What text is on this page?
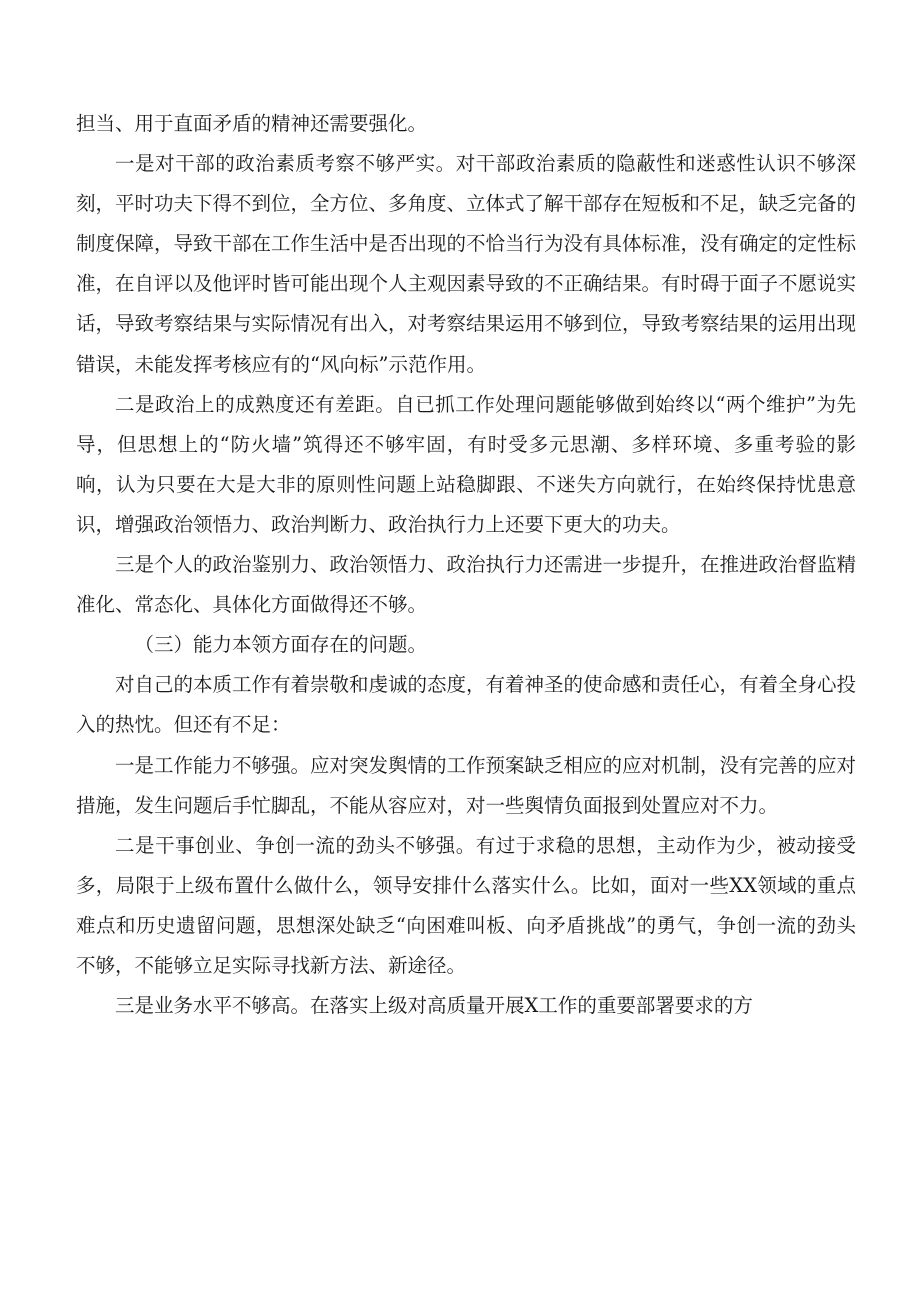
担当、用于直面矛盾的精神还需要强化。

一是对干部的政治素质考察不够严实。对干部政治素质的隐蔽性和迷惑性认识不够深刻，平时功夫下得不到位，全方位、多角度、立体式了解干部存在短板和不足，缺乏完备的制度保障，导致干部在工作生活中是否出现的不恰当行为没有具体标准，没有确定的定性标准，在自评以及他评时皆可能出现个人主观因素导致的不正确结果。有时碍于面子不愿说实话，导致考察结果与实际情况有出入，对考察结果运用不够到位，导致考察结果的运用出现错误，未能发挥考核应有的“风向标”示范作用。

二是政治上的成熟度还有差距。自已抓工作处理问题能够做到始终以“两个维护”为先导，但思想上的“防火墙”筑得还不够牢固，有时受多元思潮、多样环境、多重考验的影响，认为只要在大是大非的原则性问题上站稳脚跟、不迷失方向就行，在始终保持忧患意识，增强政治领悟力、政治判断力、政治执行力上还要下更大的功夫。

三是个人的政治鉴别力、政治领悟力、政治执行力还需进一步提升，在推进政治督监精准化、常态化、具体化方面做得还不够。

（三）能力本领方面存在的问题。

对自己的本质工作有着崇敬和虔诚的态度，有着神圣的使命感和责任心，有着全身心投入的热忱。但还有不足：

一是工作能力不够强。应对突发舆情的工作预案缺乏相应的应对机制，没有完善的应对措施，发生问题后手忙脚乱，不能从容应对，对一些舆情负面报到处置应对不力。

二是干事创业、争创一流的劲头不够强。有过于求稳的思想，主动作为少，被动接受多，局限于上级布置什么做什么，领导安排什么落实什么。比如，面对一些XX领域的重点难点和历史遗留问题，思想深处缺乏“向困难叫板、向矛盾挑战”的勇气，争创一流的劲头不够，不能够立足实际寻找新方法、新途径。

三是业务水平不够高。在落实上级对高质量开展X工作的重要部署要求的方
